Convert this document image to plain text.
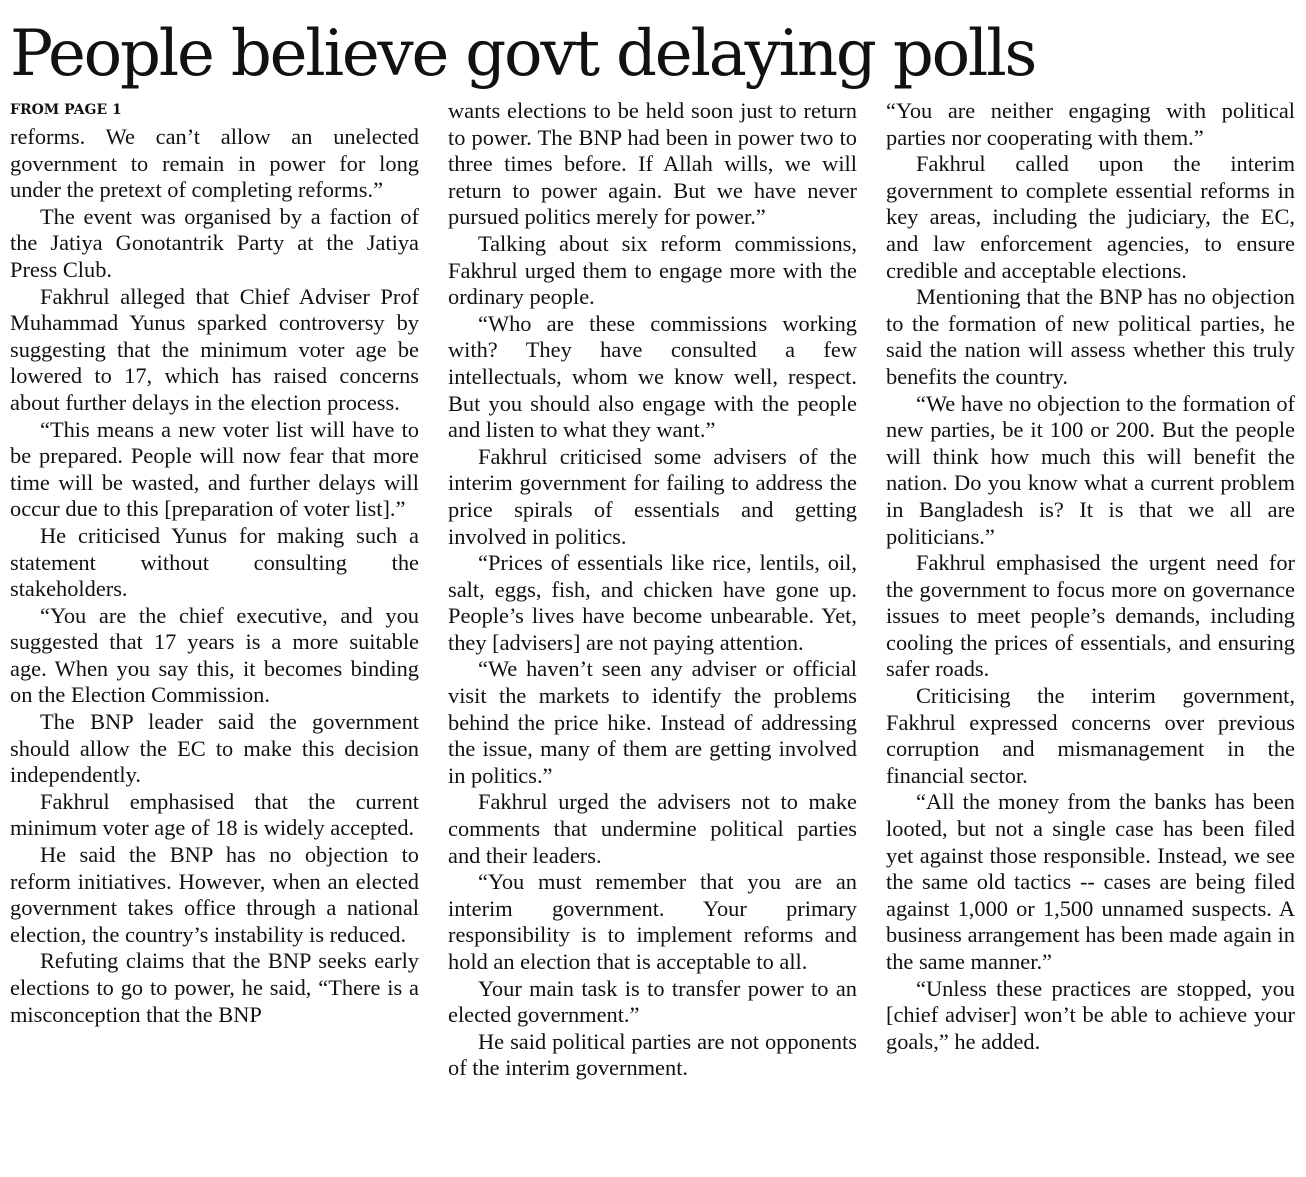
People believe govt delaying polls
FROM PAGE 1

reforms. We can’t allow an unelected government to remain in power for long under the pretext of completing reforms.”

The event was organised by a faction of the Jatiya Gonotantrik Party at the Jatiya Press Club.

Fakhrul alleged that Chief Adviser Prof Muhammad Yunus sparked controversy by suggesting that the minimum voter age be lowered to 17, which has raised concerns about further delays in the election process.

“This means a new voter list will have to be prepared. People will now fear that more time will be wasted, and further delays will occur due to this [preparation of voter list].”

He criticised Yunus for making such a statement without consulting the stakeholders.

“You are the chief executive, and you suggested that 17 years is a more suitable age. When you say this, it becomes binding on the Election Commission.

The BNP leader said the government should allow the EC to make this decision independently.

Fakhrul emphasised that the current minimum voter age of 18 is widely accepted.

He said the BNP has no objection to reform initiatives. However, when an elected government takes office through a national election, the country’s instability is reduced.

Refuting claims that the BNP seeks early elections to go to power, he said, “There is a misconception that the BNP

wants elections to be held soon just to return to power. The BNP had been in power two to three times before. If Allah wills, we will return to power again. But we have never pursued politics merely for power.”

Talking about six reform commissions, Fakhrul urged them to engage more with the ordinary people.

“Who are these commissions working with? They have consulted a few intellectuals, whom we know well, respect. But you should also engage with the people and listen to what they want.”

Fakhrul criticised some advisers of the interim government for failing to address the price spirals of essentials and getting involved in politics.

“Prices of essentials like rice, lentils, oil, salt, eggs, fish, and chicken have gone up. People’s lives have become unbearable. Yet, they [advisers] are not paying attention.

“We haven’t seen any adviser or official visit the markets to identify the problems behind the price hike. Instead of addressing the issue, many of them are getting involved in politics.”

Fakhrul urged the advisers not to make comments that undermine political parties and their leaders.

“You must remember that you are an interim government. Your primary responsibility is to implement reforms and hold an election that is acceptable to all.

Your main task is to transfer power to an elected government.”

He said political parties are not opponents of the interim government.

“You are neither engaging with political parties nor cooperating with them.”

Fakhrul called upon the interim government to complete essential reforms in key areas, including the judiciary, the EC, and law enforcement agencies, to ensure credible and acceptable elections.

Mentioning that the BNP has no objection to the formation of new political parties, he said the nation will assess whether this truly benefits the country.

“We have no objection to the formation of new parties, be it 100 or 200. But the people will think how much this will benefit the nation. Do you know what a current problem in Bangladesh is? It is that we all are politicians.”

Fakhrul emphasised the urgent need for the government to focus more on governance issues to meet people’s demands, including cooling the prices of essentials, and ensuring safer roads.

Criticising the interim government, Fakhrul expressed concerns over previous corruption and mismanagement in the financial sector.

“All the money from the banks has been looted, but not a single case has been filed yet against those responsible. Instead, we see the same old tactics -- cases are being filed against 1,000 or 1,500 unnamed suspects. A business arrangement has been made again in the same manner.”

“Unless these practices are stopped, you [chief adviser] won’t be able to achieve your goals,” he added.
